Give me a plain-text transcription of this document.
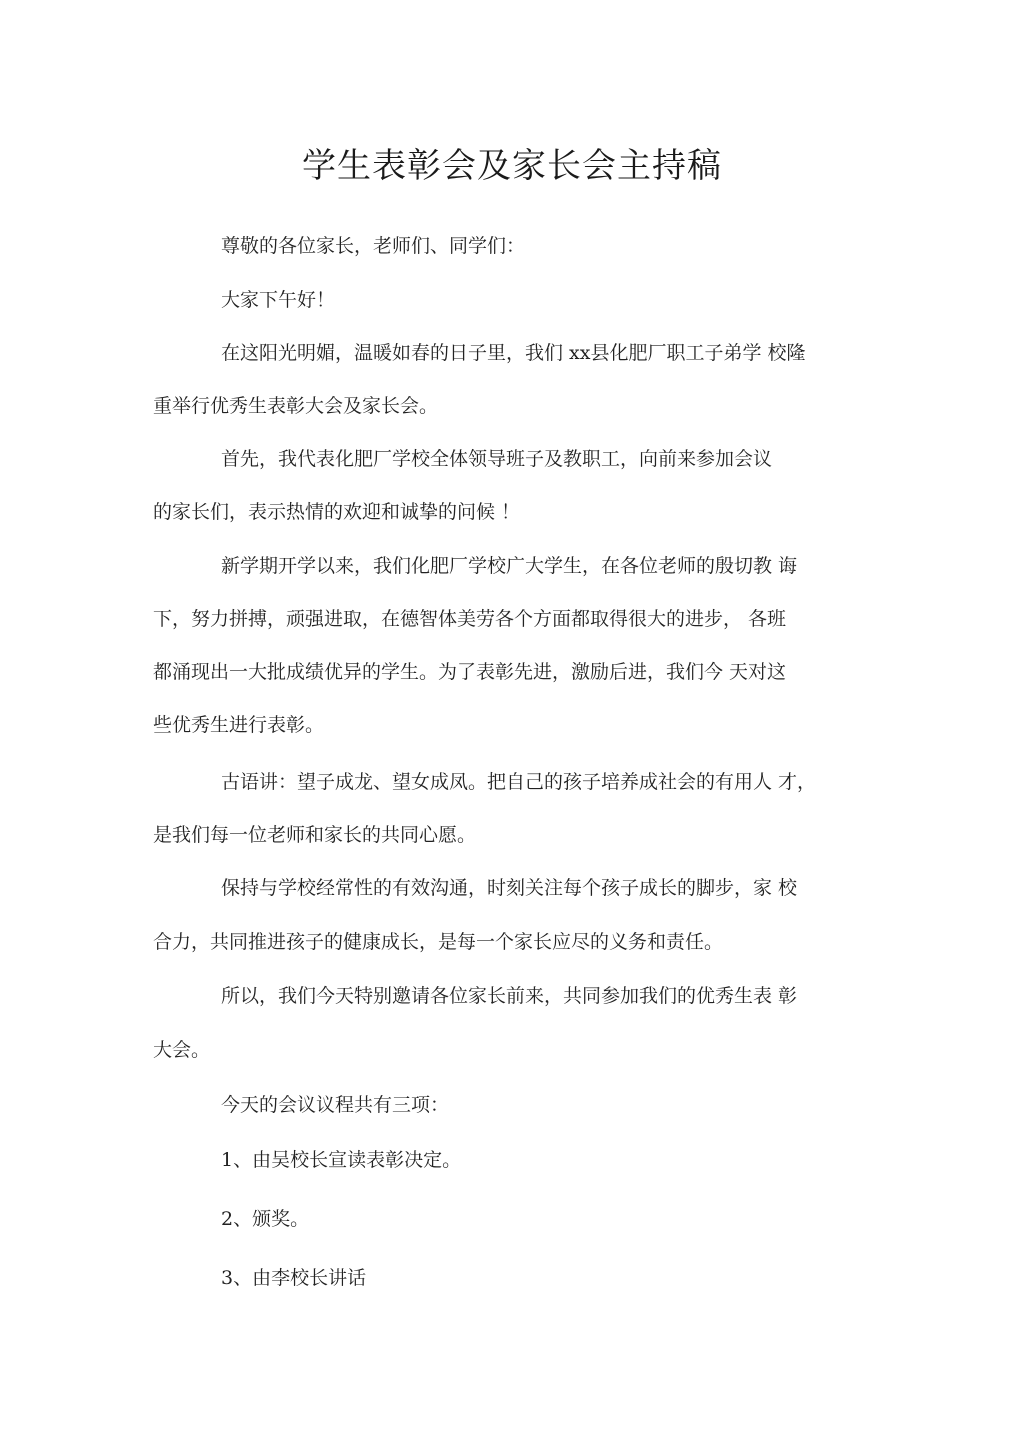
学生表彰会及家长会主持稿
尊敬的各位家长，老师们、同学们：
大家下午好！
在这阳光明媚，温暖如春的日子里，我们 xx县化肥厂职工子弟学 校隆
重举行优秀生表彰大会及家长会。
首先，我代表化肥厂学校全体领导班子及教职工，向前来参加会议
的家长们，表示热情的欢迎和诚挚的问候 ！
新学期开学以来，我们化肥厂学校广大学生，在各位老师的殷切教 诲
下，努力拼搏，顽强进取，在德智体美劳各个方面都取得很大的进步， 各班
都涌现出一大批成绩优异的学生。为了表彰先进，激励后进，我们今 天对这
些优秀生进行表彰。
古语讲：望子成龙、望女成凤。把自己的孩子培养成社会的有用人 才，
是我们每一位老师和家长的共同心愿。
保持与学校经常性的有效沟通，时刻关注每个孩子成长的脚步，家 校
合力，共同推进孩子的健康成长，是每一个家长应尽的义务和责任。
所以，我们今天特别邀请各位家长前来，共同参加我们的优秀生表 彰
大会。
今天的会议议程共有三项：
1、由吴校长宣读表彰决定。
2、颁奖。
3、由李校长讲话
